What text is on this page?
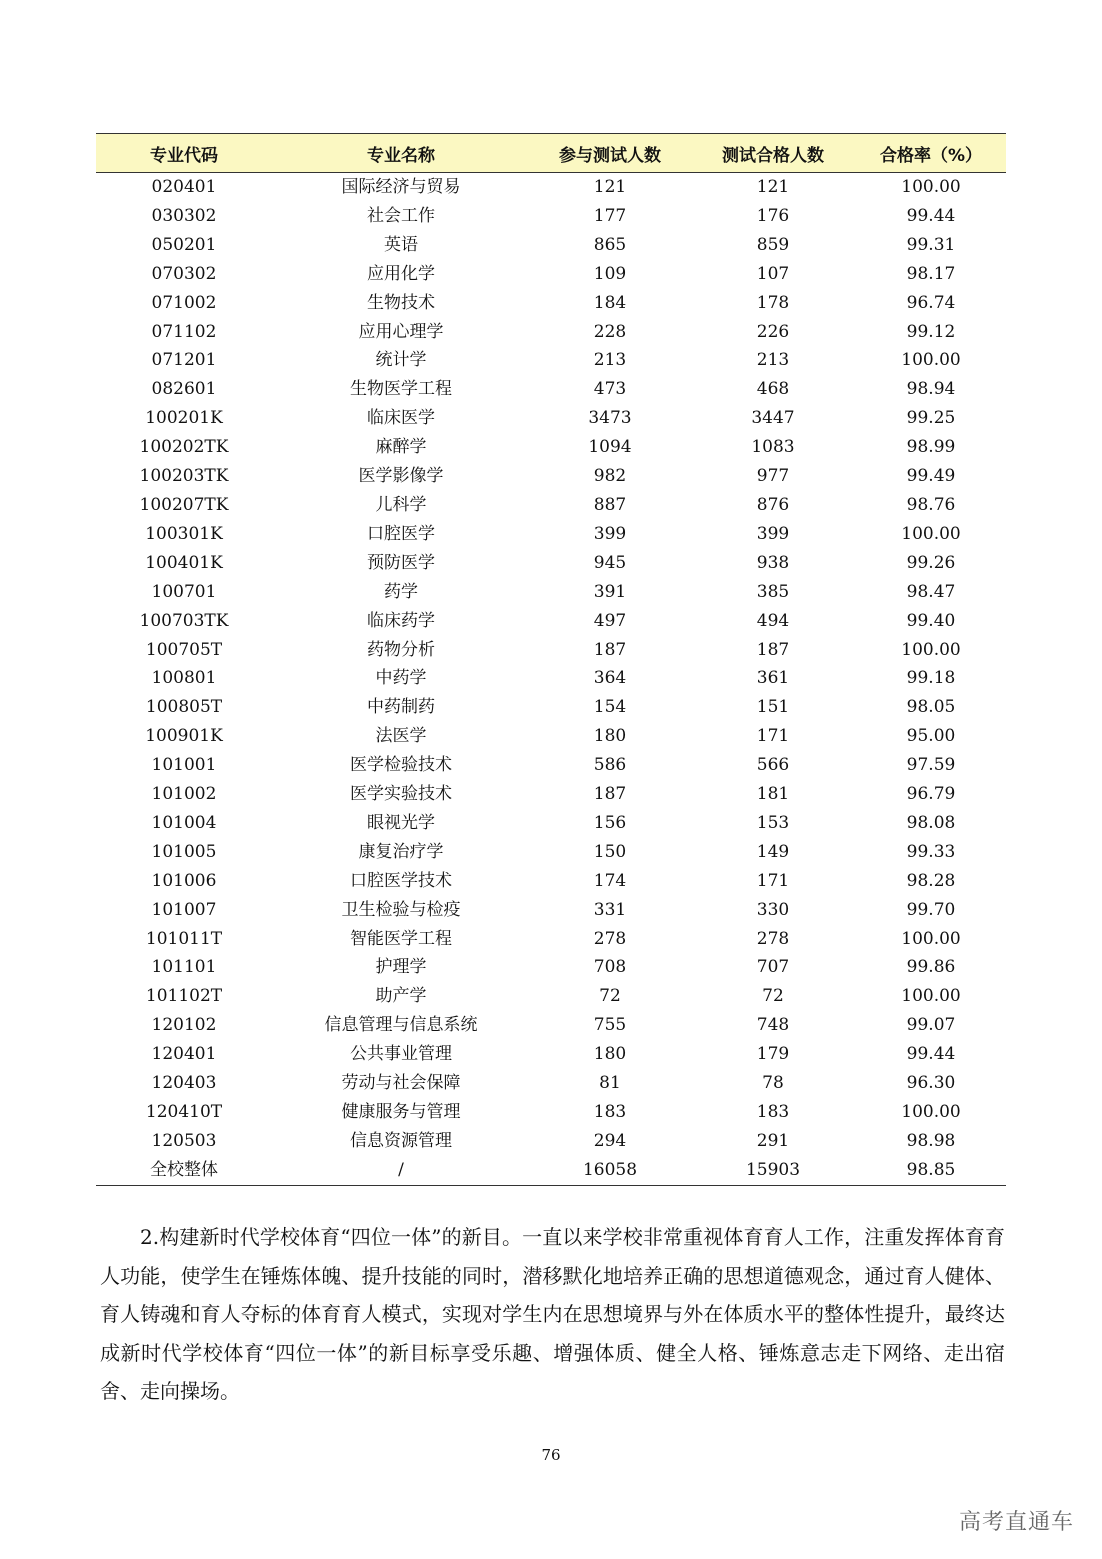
专业代码	专业名称	参与测试人数	测试合格人数	合格率（%）
020401	国际经济与贸易	121	121	100.00
030302	社会工作	177	176	99.44
050201	英语	865	859	99.31
070302	应用化学	109	107	98.17
071002	生物技术	184	178	96.74
071102	应用心理学	228	226	99.12
071201	统计学	213	213	100.00
082601	生物医学工程	473	468	98.94
100201K	临床医学	3473	3447	99.25
100202TK	麻醉学	1094	1083	98.99
100203TK	医学影像学	982	977	99.49
100207TK	儿科学	887	876	98.76
100301K	口腔医学	399	399	100.00
100401K	预防医学	945	938	99.26
100701	药学	391	385	98.47
100703TK	临床药学	497	494	99.40
100705T	药物分析	187	187	100.00
100801	中药学	364	361	99.18
100805T	中药制药	154	151	98.05
100901K	法医学	180	171	95.00
101001	医学检验技术	586	566	97.59
101002	医学实验技术	187	181	96.79
101004	眼视光学	156	153	98.08
101005	康复治疗学	150	149	99.33
101006	口腔医学技术	174	171	98.28
101007	卫生检验与检疫	331	330	99.70
101011T	智能医学工程	278	278	100.00
101101	护理学	708	707	99.86
101102T	助产学	72	72	100.00
120102	信息管理与信息系统	755	748	99.07
120401	公共事业管理	180	179	99.44
120403	劳动与社会保障	81	78	96.30
120410T	健康服务与管理	183	183	100.00
120503	信息资源管理	294	291	98.98
全校整体	/	16058	15903	98.85

2.构建新时代学校体育“四位一体”的新目。一直以来学校非常重视体育育人工作，注重发挥体育育人功能，使学生在锤炼体魄、提升技能的同时，潜移默化地培养正确的思想道德观念，通过育人健体、育人铸魂和育人夺标的体育育人模式，实现对学生内在思想境界与外在体质水平的整体性提升，最终达成新时代学校体育“四位一体”的新目标享受乐趣、增强体质、健全人格、锤炼意志走下网络、走出宿舍、走向操场。

76
高考直通车
